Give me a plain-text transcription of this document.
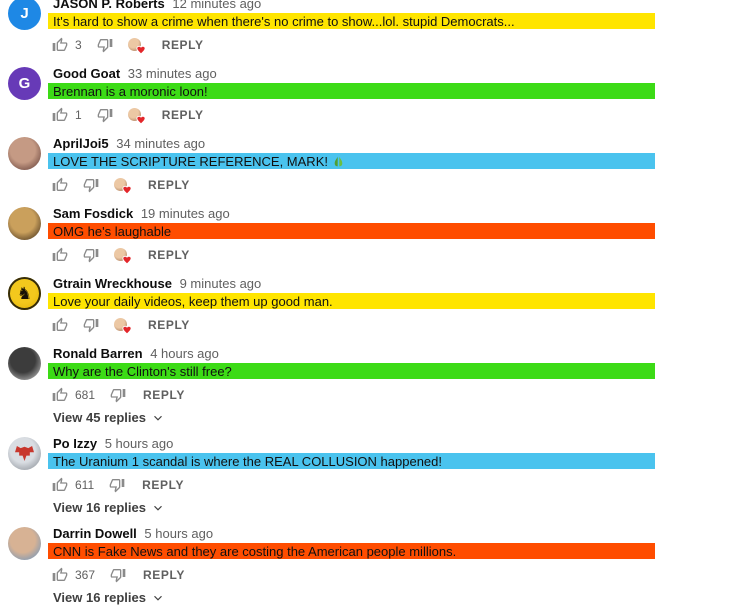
J
JASON P. Roberts 12 minutes ago
It's hard to show a crime when there's no crime to show...lol. stupid Democrats...
3	REPLY
G
Good Goat 33 minutes ago
Brennan is a moronic loon!
1	REPLY
AprilJoi5 34 minutes ago
LOVE THE SCRIPTURE REFERENCE, MARK!
REPLY
Sam Fosdick 19 minutes ago
OMG he's laughable
REPLY
♞
Gtrain Wreckhouse 9 minutes ago
Love your daily videos, keep them up good man.
REPLY
Ronald Barren 4 hours ago
Why are the Clinton's still free?
681	REPLY
View 45 replies
Po Izzy 5 hours ago
The Uranium 1 scandal is where the REAL COLLUSION happened!
611	REPLY
View 16 replies
Darrin Dowell 5 hours ago
CNN is Fake News and they are costing the American people millions.
367	REPLY
View 16 replies
